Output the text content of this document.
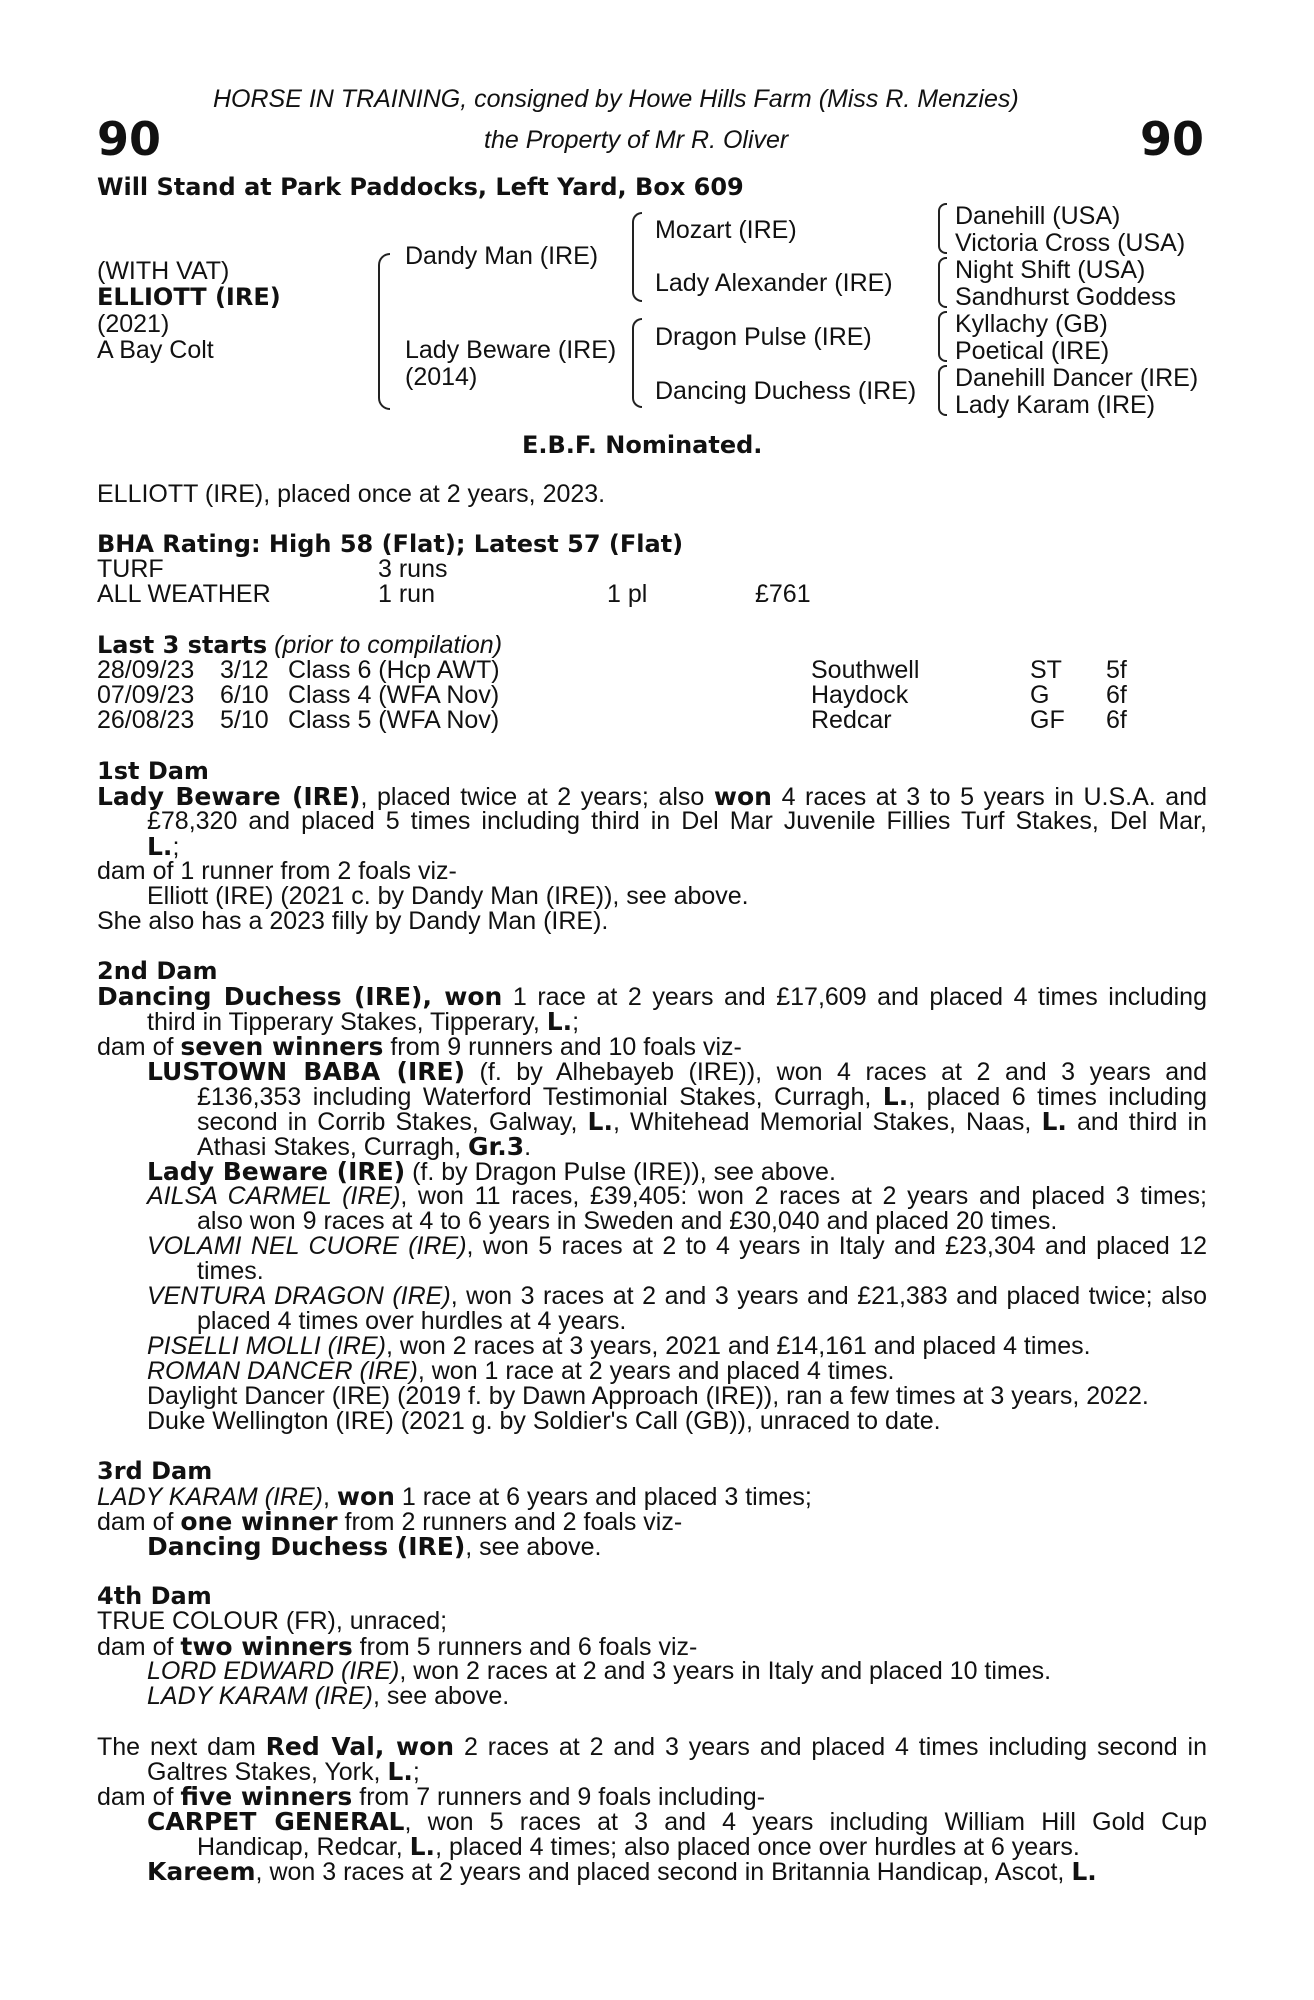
HORSE IN TRAINING, consigned by Howe Hills Farm (Miss R. Menzies)
the Property of Mr R. Oliver
90	90
Will Stand at Park Paddocks, Left Yard, Box 609
(WITH VAT)
ELLIOTT (IRE)
(2021)
A Bay Colt
Dandy Man (IRE)
Lady Beware (IRE)
(2014)
Mozart (IRE)
Lady Alexander (IRE)
Dragon Pulse (IRE)
Dancing Duchess (IRE)
Danehill (USA)
Victoria Cross (USA)
Night Shift (USA)
Sandhurst Goddess
Kyllachy (GB)
Poetical (IRE)
Danehill Dancer (IRE)
Lady Karam (IRE)
E.B.F. Nominated.
ELLIOTT (IRE), placed once at 2 years, 2023.
BHA Rating: High 58 (Flat); Latest 57 (Flat)
TURF	3 runs
ALL WEATHER	1 run	1 pl	£761
Last 3 starts (prior to compilation)
28/09/23 3/12 Class 6 (Hcp AWT)	Southwell	ST 5f
07/09/23 6/10 Class 4 (WFA Nov)	Haydock	G 6f
26/08/23 5/10 Class 5 (WFA Nov)	Redcar	GF 6f
1st Dam
Lady Beware (IRE), placed twice at 2 years; also won 4 races at 3 to 5 years in U.S.A. and
£78,320 and placed 5 times including third in Del Mar Juvenile Fillies Turf Stakes, Del Mar,
L.;
dam of 1 runner from 2 foals viz-
Elliott (IRE) (2021 c. by Dandy Man (IRE)), see above.
She also has a 2023 filly by Dandy Man (IRE).
2nd Dam
Dancing Duchess (IRE), won 1 race at 2 years and £17,609 and placed 4 times including
third in Tipperary Stakes, Tipperary, L.;
dam of seven winners from 9 runners and 10 foals viz-
LUSTOWN BABA (IRE) (f. by Alhebayeb (IRE)), won 4 races at 2 and 3 years and
£136,353 including Waterford Testimonial Stakes, Curragh, L., placed 6 times including
second in Corrib Stakes, Galway, L., Whitehead Memorial Stakes, Naas, L. and third in
Athasi Stakes, Curragh, Gr.3.
Lady Beware (IRE) (f. by Dragon Pulse (IRE)), see above.
AILSA CARMEL (IRE), won 11 races, £39,405: won 2 races at 2 years and placed 3 times;
also won 9 races at 4 to 6 years in Sweden and £30,040 and placed 20 times.
VOLAMI NEL CUORE (IRE), won 5 races at 2 to 4 years in Italy and £23,304 and placed 12
times.
VENTURA DRAGON (IRE), won 3 races at 2 and 3 years and £21,383 and placed twice; also
placed 4 times over hurdles at 4 years.
PISELLI MOLLI (IRE), won 2 races at 3 years, 2021 and £14,161 and placed 4 times.
ROMAN DANCER (IRE), won 1 race at 2 years and placed 4 times.
Daylight Dancer (IRE) (2019 f. by Dawn Approach (IRE)), ran a few times at 3 years, 2022.
Duke Wellington (IRE) (2021 g. by Soldier's Call (GB)), unraced to date.
3rd Dam
LADY KARAM (IRE), won 1 race at 6 years and placed 3 times;
dam of one winner from 2 runners and 2 foals viz-
Dancing Duchess (IRE), see above.
4th Dam
TRUE COLOUR (FR), unraced;
dam of two winners from 5 runners and 6 foals viz-
LORD EDWARD (IRE), won 2 races at 2 and 3 years in Italy and placed 10 times.
LADY KARAM (IRE), see above.
The next dam Red Val, won 2 races at 2 and 3 years and placed 4 times including second in
Galtres Stakes, York, L.;
dam of five winners from 7 runners and 9 foals including-
CARPET GENERAL, won 5 races at 3 and 4 years including William Hill Gold Cup
Handicap, Redcar, L., placed 4 times; also placed once over hurdles at 6 years.
Kareem, won 3 races at 2 years and placed second in Britannia Handicap, Ascot, L.
